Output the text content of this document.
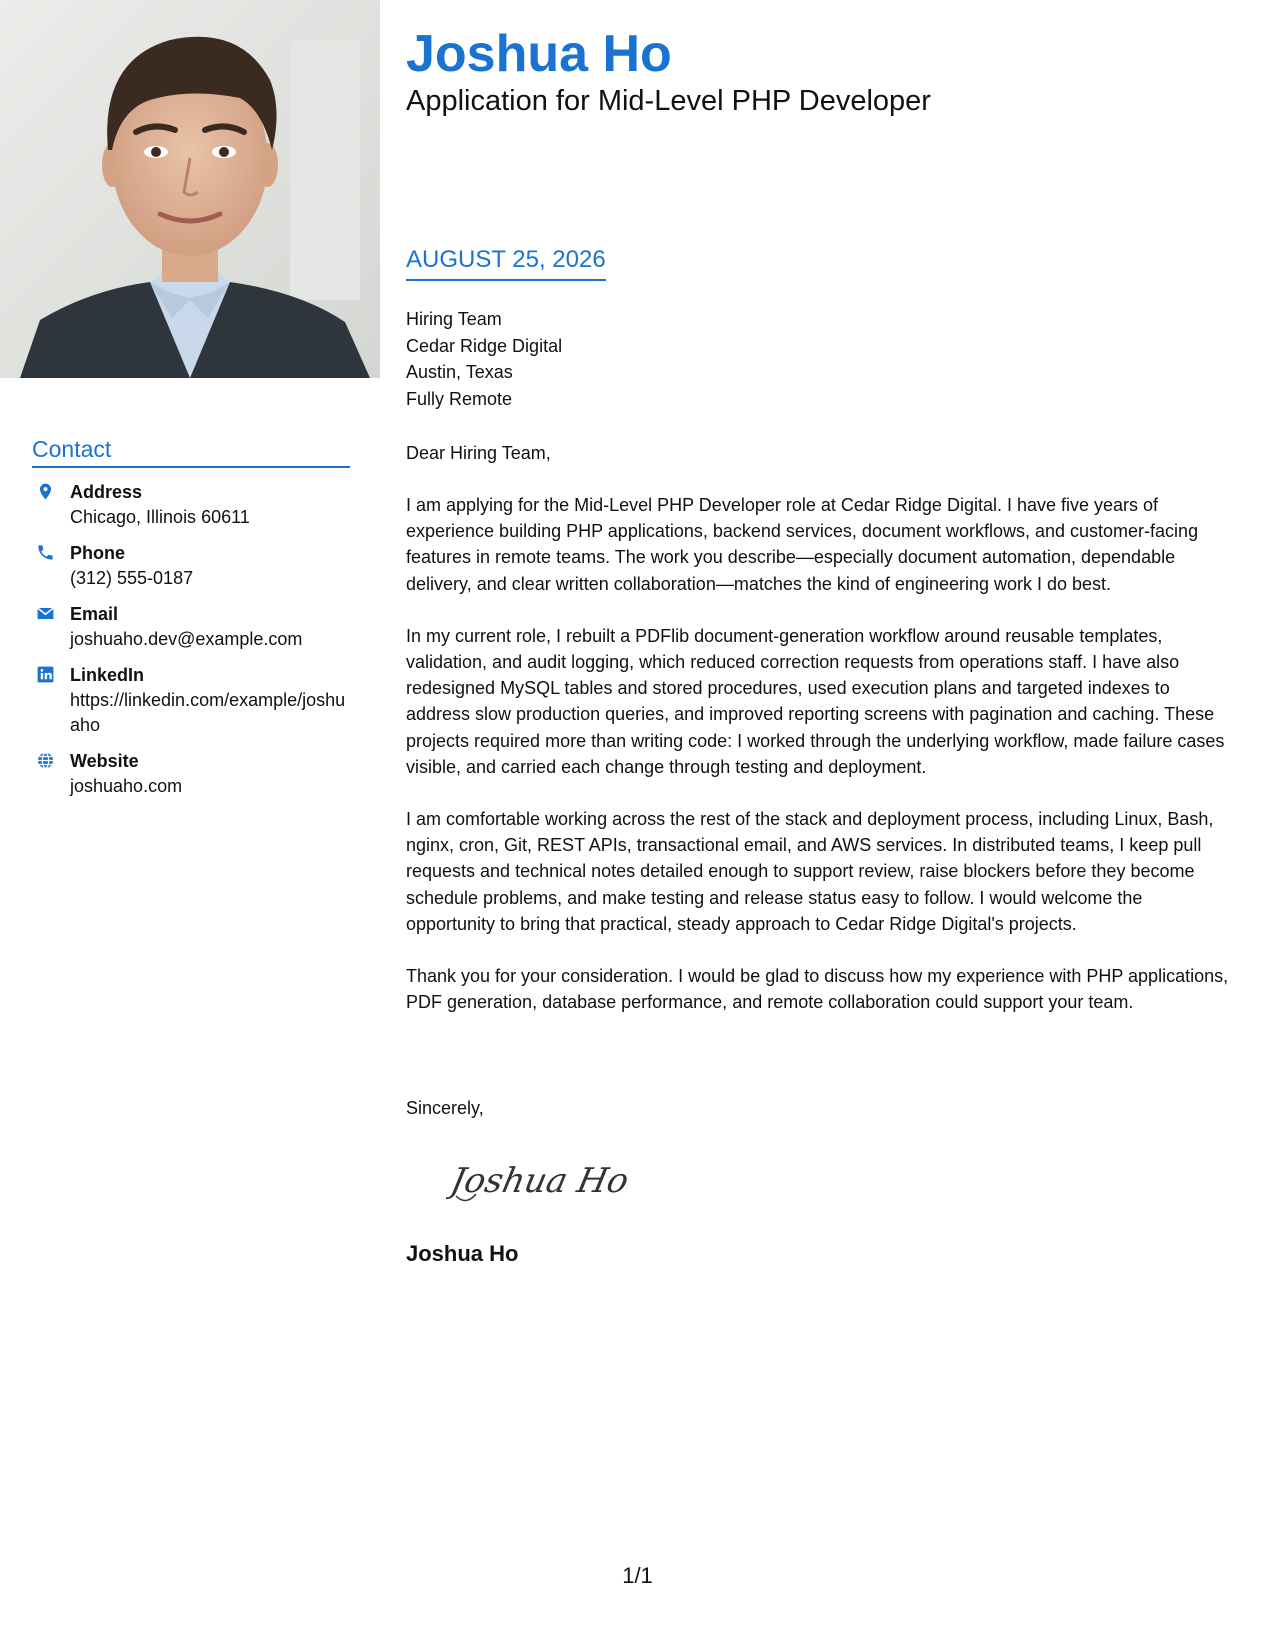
Contact
Address
Chicago, Illinois 60611
Phone
(312) 555-0187
Email
joshuaho.dev@example.com
LinkedIn
https://linkedin.com/example/joshuaho
Website
joshuaho.com
Joshua Ho
Application for Mid-Level PHP Developer
AUGUST 25, 2026
Hiring Team
Cedar Ridge Digital
Austin, Texas
Fully Remote
Dear Hiring Team,

I am applying for the Mid-Level PHP Developer role at Cedar Ridge Digital. I have five years of experience building PHP applications, backend services, document workflows, and customer-facing features in remote teams. The work you describe—especially document automation, dependable delivery, and clear written collaboration—matches the kind of engineering work I do best.

In my current role, I rebuilt a PDFlib document-generation workflow around reusable templates, validation, and audit logging, which reduced correction requests from operations staff. I have also redesigned MySQL tables and stored procedures, used execution plans and targeted indexes to address slow production queries, and improved reporting screens with pagination and caching. These projects required more than writing code: I worked through the underlying workflow, made failure cases visible, and carried each change through testing and deployment.

I am comfortable working across the rest of the stack and deployment process, including Linux, Bash, nginx, cron, Git, REST APIs, transactional email, and AWS services. In distributed teams, I keep pull requests and technical notes detailed enough to support review, raise blockers before they become schedule problems, and make testing and release status easy to follow. I would welcome the opportunity to bring that practical, steady approach to Cedar Ridge Digital's projects.

Thank you for your consideration. I would be glad to discuss how my experience with PHP applications, PDF generation, database performance, and remote collaboration could support your team.

Sincerely,
Joshua Ho
Joshua Ho
1/1
